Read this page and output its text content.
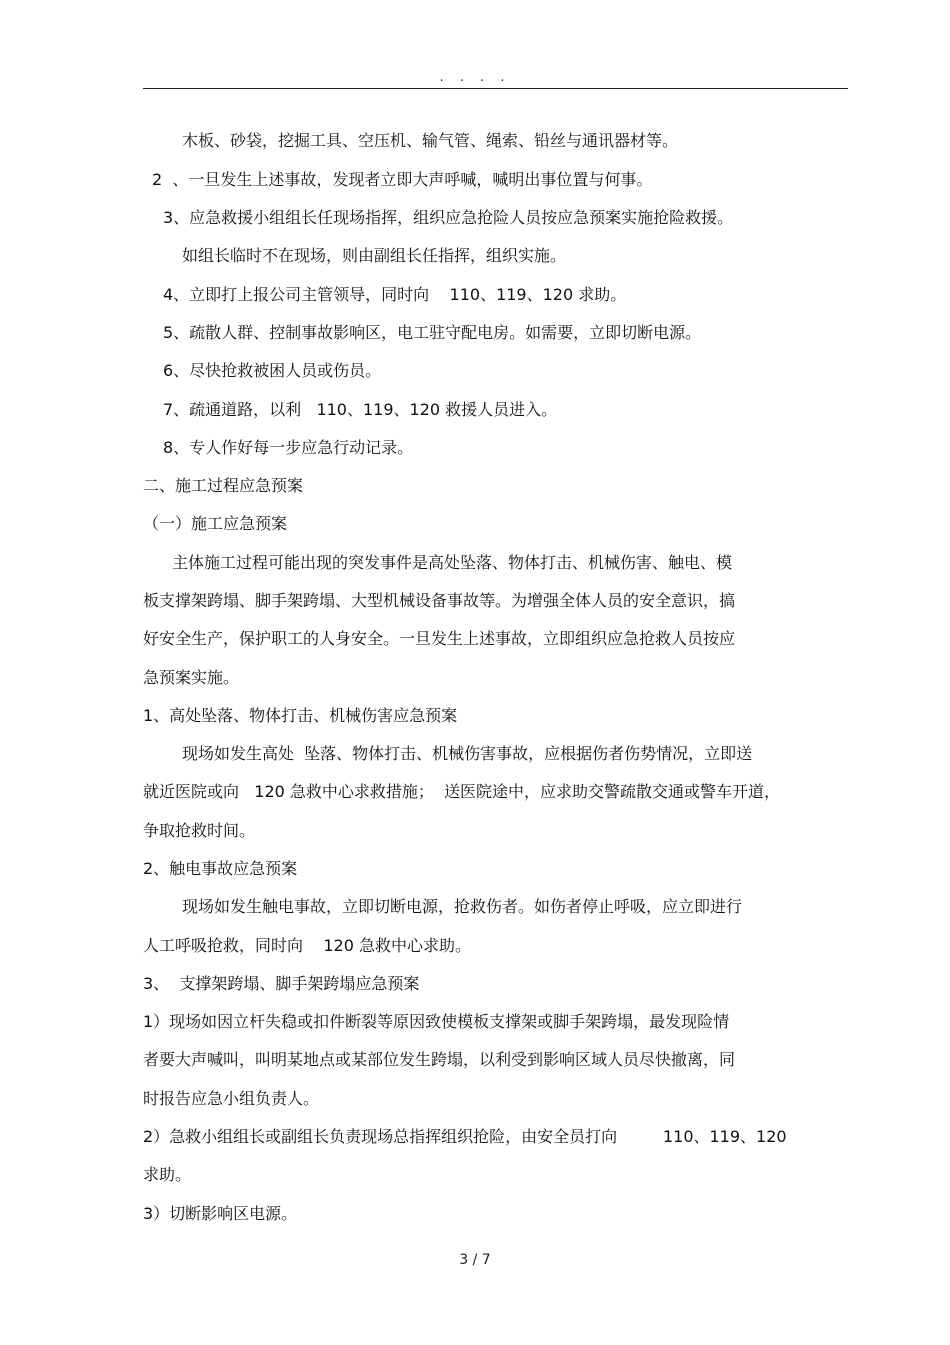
. . . .
木板、砂袋，挖掘工具、空压机、输气管、绳索、铅丝与通讯器材等。
2  、一旦发生上述事故，发现者立即大声呼喊，喊明出事位置与何事。
3、应急救援小组组长任现场指挥，组织应急抢险人员按应急预案实施抢险救援。
如组长临时不在现场，则由副组长任指挥，组织实施。
4、立即打上报公司主管领导，同时向    110、119、120 求助。
5、疏散人群、控制事故影响区，电工驻守配电房。如需要，立即切断电源。
6、尽快抢救被困人员或伤员。
7、疏通道路，以利   110、119、120 救援人员进入。
8、专人作好每一步应急行动记录。
二、施工过程应急预案
（一）施工应急预案
主体施工过程可能出现的突发事件是高处坠落、物体打击、机械伤害、触电、模
板支撑架跨塌、脚手架跨塌、大型机械设备事故等。为增强全体人员的安全意识，搞
好安全生产，保护职工的人身安全。一旦发生上述事故，立即组织应急抢救人员按应
急预案实施。
1、高处坠落、物体打击、机械伤害应急预案
现场如发生高处  坠落、物体打击、机械伤害事故，应根据伤者伤势情况，立即送
就近医院或向   120 急救中心求救措施；  送医院途中，应求助交警疏散交通或警车开道，
争取抢救时间。
2、触电事故应急预案
现场如发生触电事故，立即切断电源，抢救伤者。如伤者停止呼吸，应立即进行
人工呼吸抢救，同时向    120 急救中心求助。
3、  支撑架跨塌、脚手架跨塌应急预案
1）现场如因立杆失稳或扣件断裂等原因致使模板支撑架或脚手架跨塌，最发现险情
者要大声喊叫，叫明某地点或某部位发生跨塌，以利受到影响区域人员尽快撤离，同
时报告应急小组负责人。
2）急救小组组长或副组长负责现场总指挥组织抢险，由安全员打向         110、119、120
求助。
3）切断影响区电源。
3 / 7
